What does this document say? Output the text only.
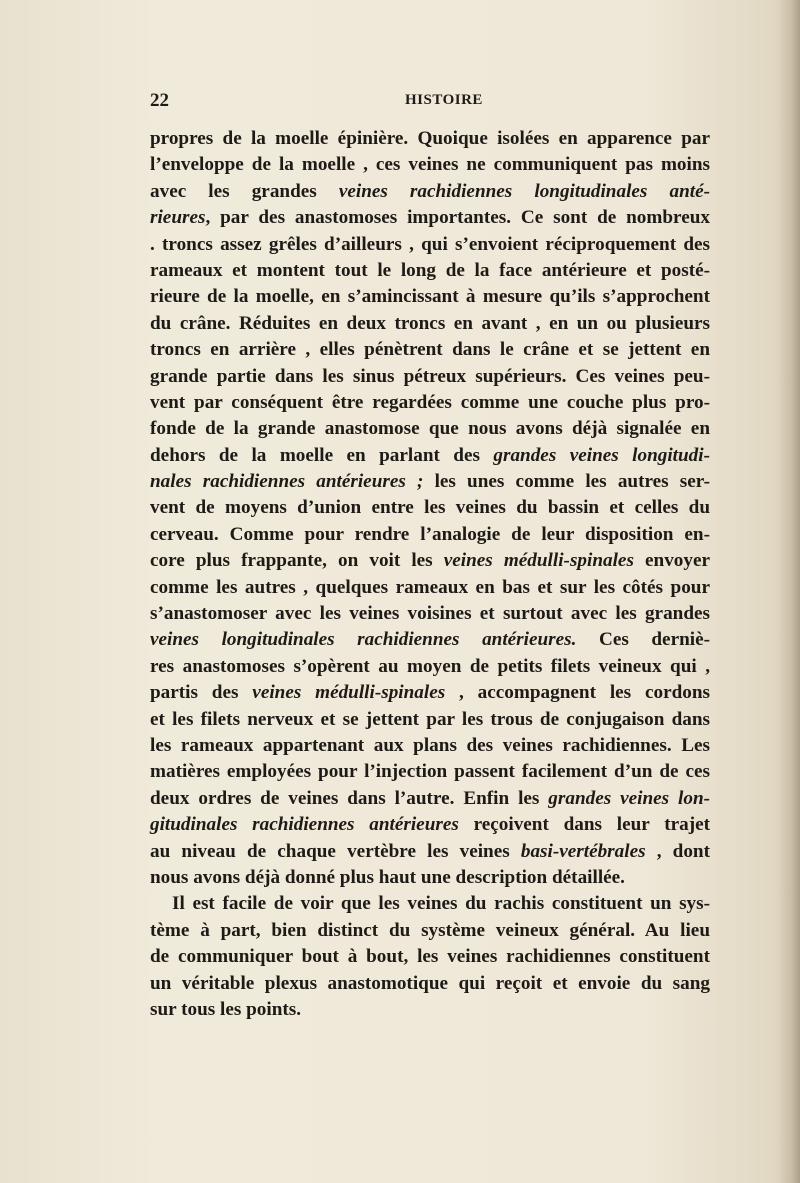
22	HISTOIRE
propres de la moelle épinière. Quoique isolées en apparence par
l’enveloppe de la moelle , ces veines ne communiquent pas moins
avec les grandes veines rachidiennes longitudinales anté-
rieures, par des anastomoses importantes. Ce sont de nombreux
. troncs assez grêles d’ailleurs , qui s’envoient réciproquement des
rameaux et montent tout le long de la face antérieure et posté-
rieure de la moelle, en s’amincissant à mesure qu’ils s’approchent
du crâne. Réduites en deux troncs en avant , en un ou plusieurs
troncs en arrière , elles pénètrent dans le crâne et se jettent en
grande partie dans les sinus pétreux supérieurs. Ces veines peu-
vent par conséquent être regardées comme une couche plus pro-
fonde de la grande anastomose que nous avons déjà signalée en
dehors de la moelle en parlant des grandes veines longitudi-
nales rachidiennes antérieures ; les unes comme les autres ser-
vent de moyens d’union entre les veines du bassin et celles du
cerveau. Comme pour rendre l’analogie de leur disposition en-
core plus frappante, on voit les veines médulli-spinales envoyer
comme les autres , quelques rameaux en bas et sur les côtés pour
s’anastomoser avec les veines voisines et surtout avec les grandes
veines longitudinales rachidiennes antérieures. Ces derniè-
res anastomoses s’opèrent au moyen de petits filets veineux qui ,
partis des veines médulli-spinales , accompagnent les cordons
et les filets nerveux et se jettent par les trous de conjugaison dans
les rameaux appartenant aux plans des veines rachidiennes. Les
matières employées pour l’injection passent facilement d’un de ces
deux ordres de veines dans l’autre. Enfin les grandes veines lon-
gitudinales rachidiennes antérieures reçoivent dans leur trajet
au niveau de chaque vertèbre les veines basi-vertébrales , dont
nous avons déjà donné plus haut une description détaillée.
Il est facile de voir que les veines du rachis constituent un sys-
tème à part, bien distinct du système veineux général. Au lieu
de communiquer bout à bout, les veines rachidiennes constituent
un véritable plexus anastomotique qui reçoit et envoie du sang
sur tous les points.
